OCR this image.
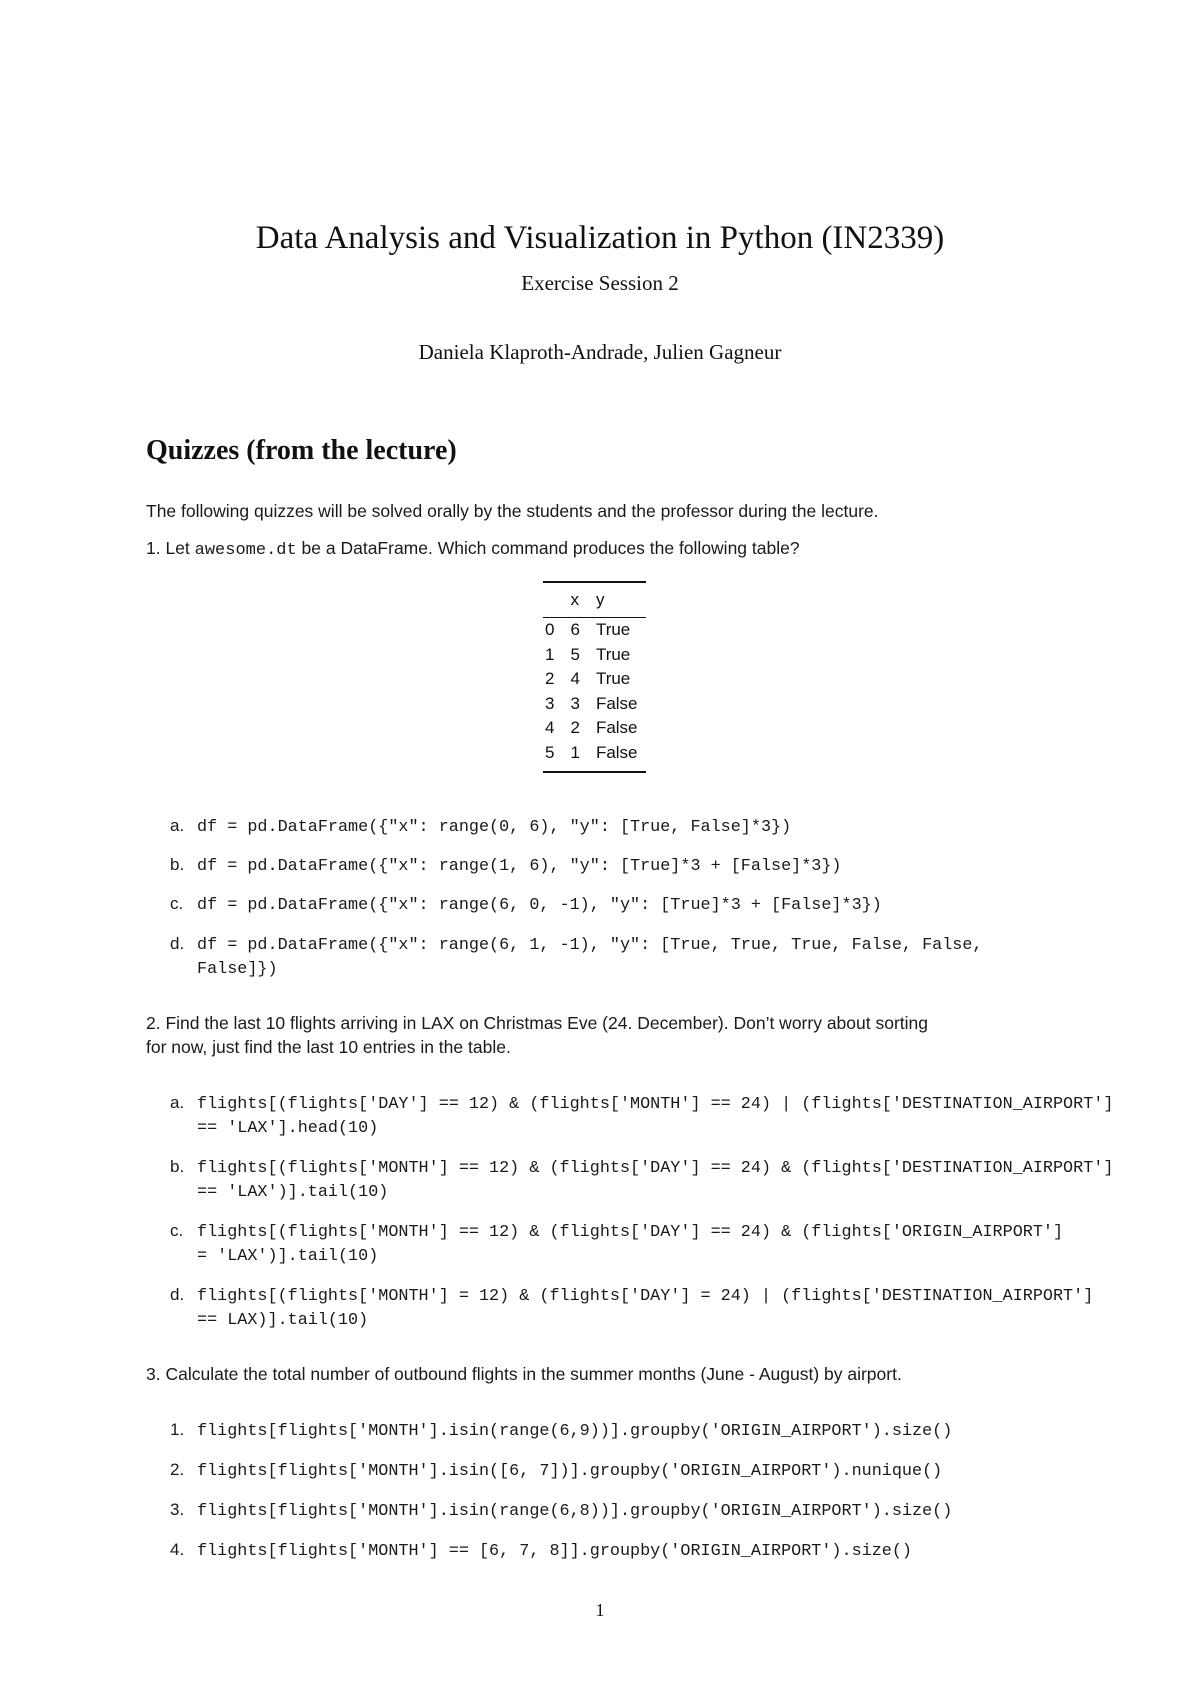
Data Analysis and Visualization in Python (IN2339)
Exercise Session 2
Daniela Klaproth-Andrade, Julien Gagneur
Quizzes (from the lecture)
The following quizzes will be solved orally by the students and the professor during the lecture.
1. Let awesome.dt be a DataFrame. Which command produces the following table?
	x	y
0	6	True
1	5	True
2	4	True
3	3	False
4	2	False
5	1	False
a. df = pd.DataFrame({"x": range(0, 6), "y": [True, False]*3})
b. df = pd.DataFrame({"x": range(1, 6), "y": [True]*3 + [False]*3})
c. df = pd.DataFrame({"x": range(6, 0, -1), "y": [True]*3 + [False]*3})
d. df = pd.DataFrame({"x": range(6, 1, -1), "y": [True, True, True, False, False,
False]})
2. Find the last 10 flights arriving in LAX on Christmas Eve (24. December). Don’t worry about sorting
for now, just find the last 10 entries in the table.
a. flights[(flights['DAY'] == 12) & (flights['MONTH'] == 24) | (flights['DESTINATION_AIRPORT']
== 'LAX'].head(10)
b. flights[(flights['MONTH'] == 12) & (flights['DAY'] == 24) & (flights['DESTINATION_AIRPORT']
== 'LAX')].tail(10)
c. flights[(flights['MONTH'] == 12) & (flights['DAY'] == 24) & (flights['ORIGIN_AIRPORT']
= 'LAX')].tail(10)
d. flights[(flights['MONTH'] = 12) & (flights['DAY'] = 24) | (flights['DESTINATION_AIRPORT']
== LAX)].tail(10)
3. Calculate the total number of outbound flights in the summer months (June - August) by airport.
1. flights[flights['MONTH'].isin(range(6,9))].groupby('ORIGIN_AIRPORT').size()
2. flights[flights['MONTH'].isin([6, 7])].groupby('ORIGIN_AIRPORT').nunique()
3. flights[flights['MONTH'].isin(range(6,8))].groupby('ORIGIN_AIRPORT').size()
4. flights[flights['MONTH'] == [6, 7, 8]].groupby('ORIGIN_AIRPORT').size()
1
